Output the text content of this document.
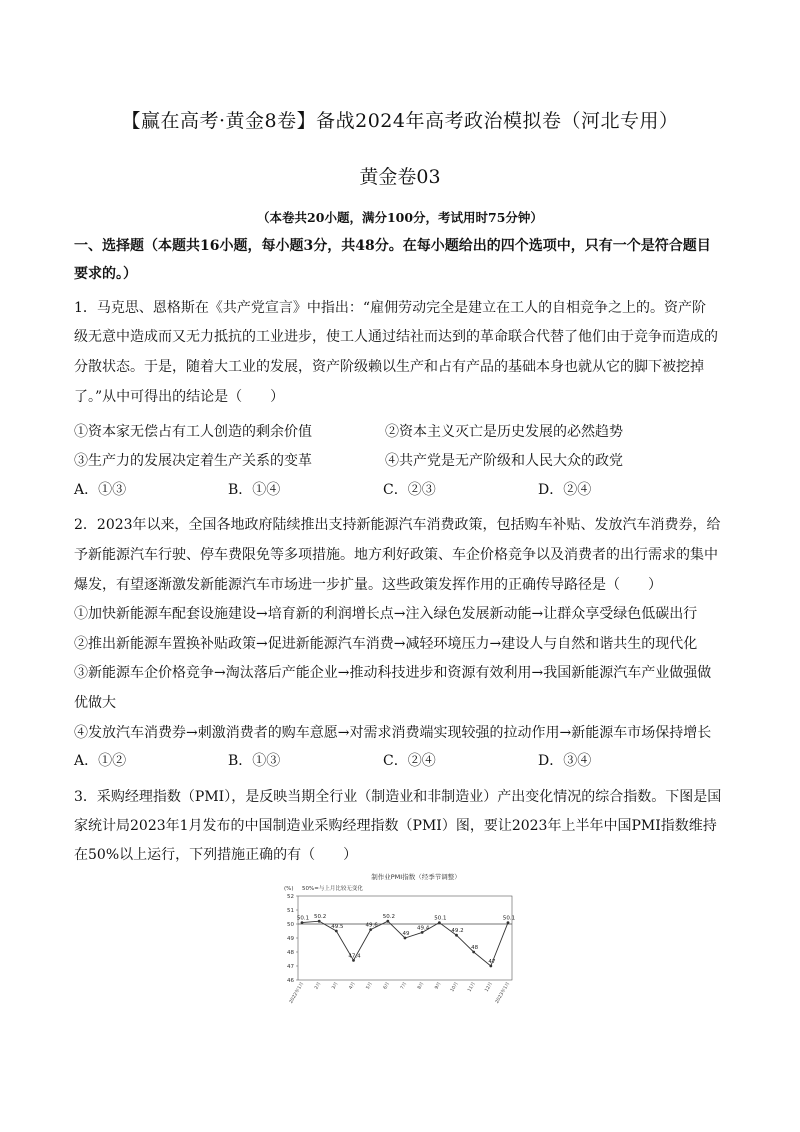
【赢在高考·黄金8卷】备战2024年高考政治模拟卷（河北专用）
黄金卷03
（本卷共20小题，满分100分，考试用时75分钟）
一、选择题（本题共16小题，每小题3分，共48分。在每小题给出的四个选项中，只有一个是符合题目
要求的。）
1．马克思、恩格斯在《共产党宣言》中指出：“雇佣劳动完全是建立在工人的自相竞争之上的。资产阶
级无意中造成而又无力抵抗的工业进步，使工人通过结社而达到的革命联合代替了他们由于竞争而造成的
分散状态。于是，随着大工业的发展，资产阶级赖以生产和占有产品的基础本身也就从它的脚下被挖掉
了。”从中可得出的结论是（　　）
①资本家无偿占有工人创造的剩余价值	②资本主义灭亡是历史发展的必然趋势
③生产力的发展决定着生产关系的变革	④共产党是无产阶级和人民大众的政党
A．①③	B．①④	C．②③	D．②④
2．2023年以来，全国各地政府陆续推出支持新能源汽车消费政策，包括购车补贴、发放汽车消费券，给
予新能源汽车行驶、停车费限免等多项措施。地方利好政策、车企价格竞争以及消费者的出行需求的集中
爆发，有望逐渐激发新能源汽车市场进一步扩量。这些政策发挥作用的正确传导路径是（　　）
①加快新能源车配套设施建设→培育新的利润增长点→注入绿色发展新动能→让群众享受绿色低碳出行
②推出新能源车置换补贴政策→促进新能源汽车消费→减轻环境压力→建设人与自然和谐共生的现代化
③新能源车企价格竞争→淘汰落后产能企业→推动科技进步和资源有效利用→我国新能源汽车产业做强做
优做大
④发放汽车消费券→刺激消费者的购车意愿→对需求消费端实现较强的拉动作用→新能源车市场保持增长
A．①②	B．①③	C．②④	D．③④
3．采购经理指数（PMI），是反映当期全行业（制造业和非制造业）产出变化情况的综合指数。下图是国
家统计局2023年1月发布的中国制造业采购经理指数（PMI）图，要让2023年上半年中国PMI指数维持
在50%以上运行，下列措施正确的有（　　）
制作业PMI指数（经季节调整）
(%) 50%=与上月比较无变化
52
51
50
49
48
47
46
50.1
2022年1月
50.2
2月
49.5
3月
47.4
4月
49.6
5月
50.2
6月
49
7月
49.4
8月
50.1
9月
49.2
10月
48
11月
47
12月
50.1
2023年1月
